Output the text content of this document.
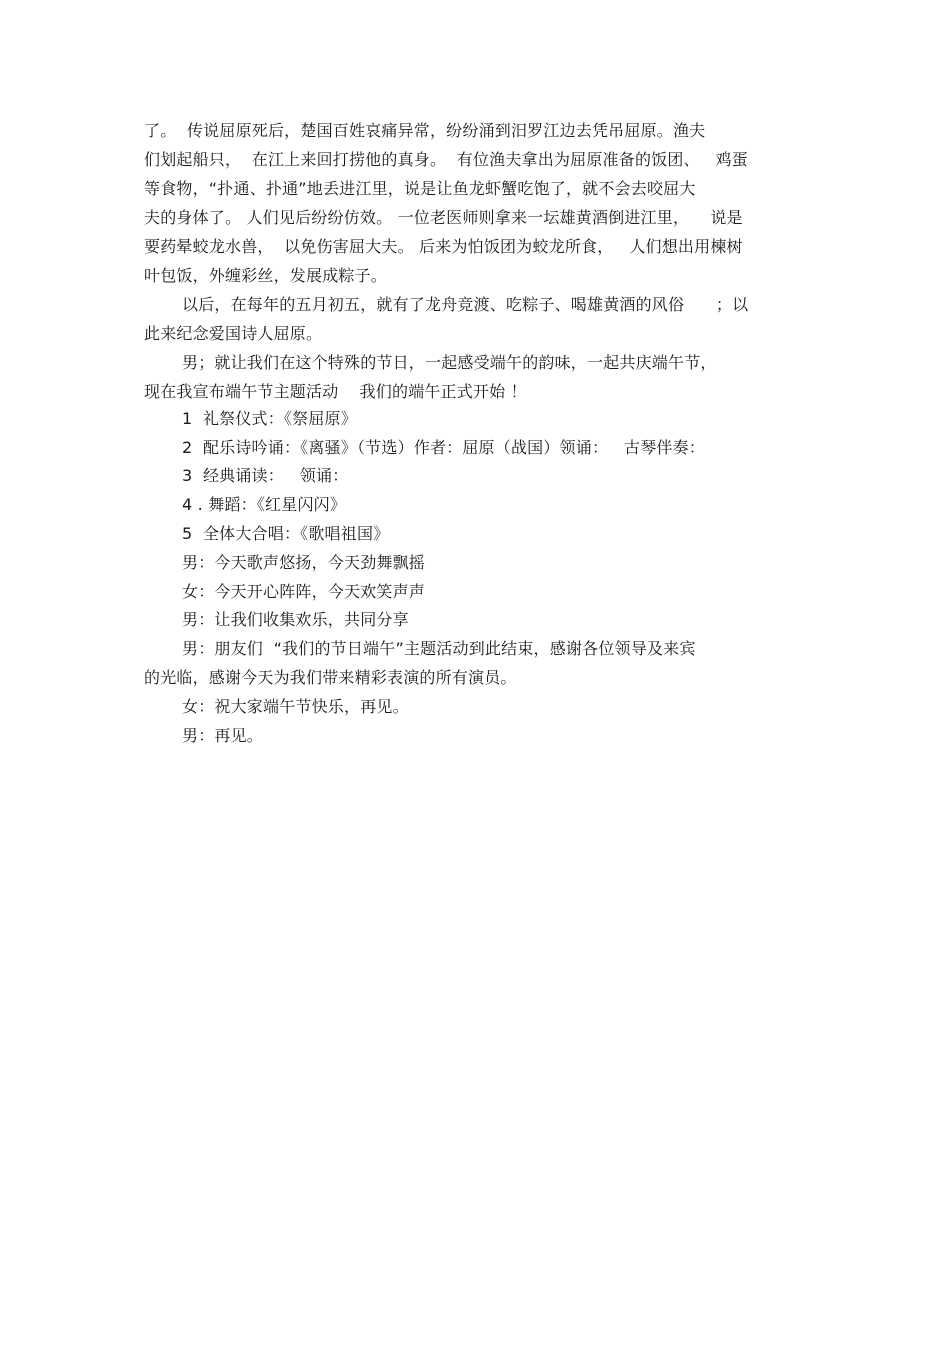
了。  传说屈原死后，楚国百姓哀痛异常，纷纷涌到汨罗江边去凭吊屈原。渔夫
们划起船只，  在江上来回打捞他的真身。  有位渔夫拿出为屈原准备的饭团、   鸡蛋
等食物，“扑通、扑通”地丢进江里，说是让鱼龙虾蟹吃饱了，就不会去咬屈大
夫的身体了。 人们见后纷纷仿效。 一位老医师则拿来一坛雄黄酒倒进江里，    说是
要药晕蛟龙水兽，  以免伤害屈大夫。 后来为怕饭团为蛟龙所食，   人们想出用楝树
叶包饭，外缠彩丝，发展成粽子。
以后，在每年的五月初五，就有了龙舟竞渡、吃粽子、喝雄黄酒的风俗      ；以
此来纪念爱国诗人屈原。
男；就让我们在这个特殊的节日，一起感受端午的韵味，一起共庆端午节，
现在我宣布端午节主题活动    我们的端午正式开始 ！
1  礼祭仪式：《祭屈原》
2  配乐诗吟诵：《离骚》（节选）作者：屈原（战国）领诵：   古琴伴奏：
3  经典诵读：   领诵：
4 . 舞蹈：《红星闪闪》
5  全体大合唱：《歌唱祖国》
男：今天歌声悠扬，今天劲舞飘摇
女：今天开心阵阵，今天欢笑声声
男：让我们收集欢乐，共同分享
男：朋友们  “我们的节日端午”主题活动到此结束，感谢各位领导及来宾
的光临，感谢今天为我们带来精彩表演的所有演员。
女：祝大家端午节快乐，再见。
男：再见。
